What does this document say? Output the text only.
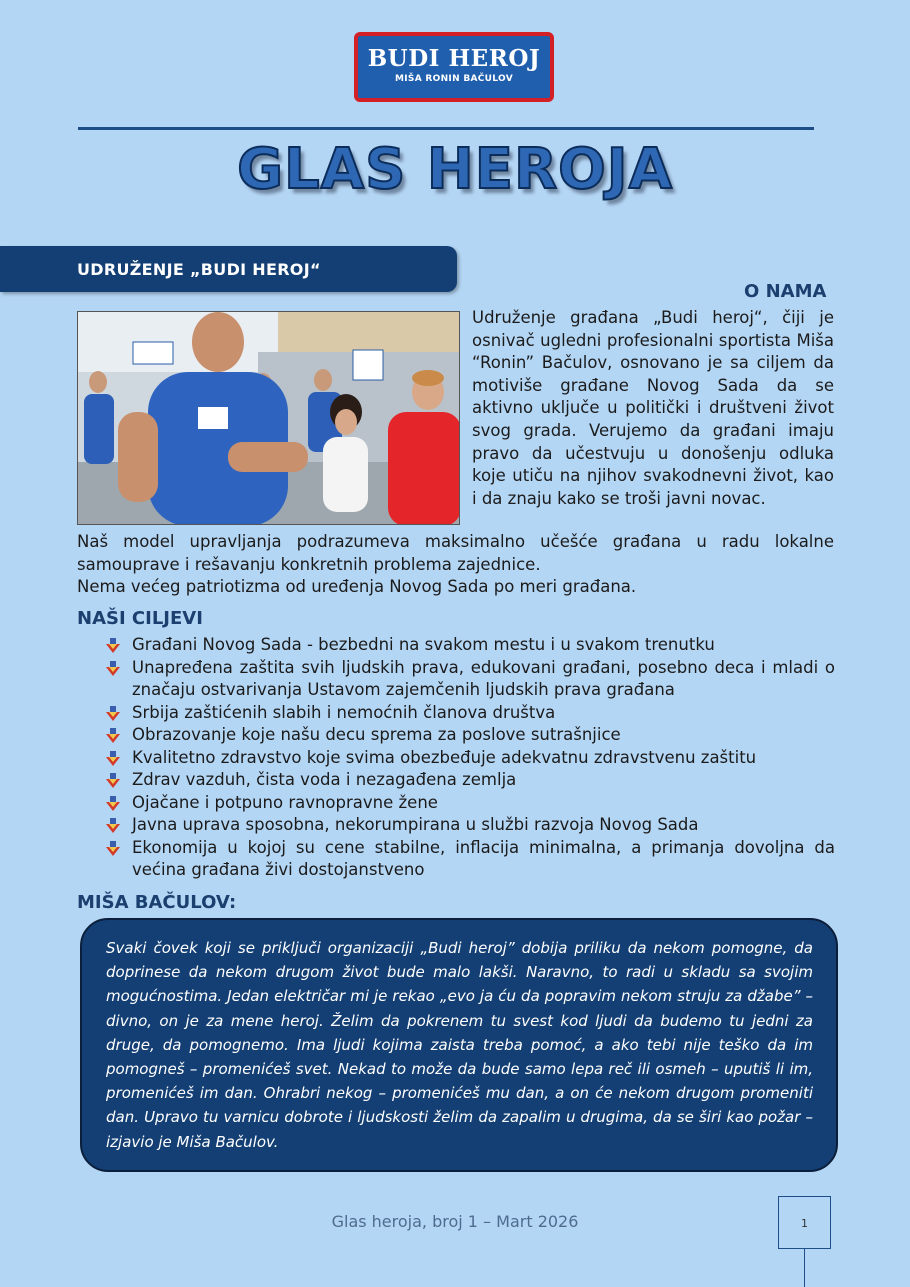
BUDI HEROJ
MIŠA RONIN BAČULOV
GLAS HEROJA
UDRUŽENJE „BUDI HEROJ“
O NAMA

Udruženje građana „Budi heroj“, čiji je osnivač ugledni profesionalni sportista Miša “Ronin” Bačulov, osnovano je sa ciljem da motiviše građane Novog Sada da se aktivno uključe u politički i društveni život svog grada. Verujemo da građani imaju pravo da učestvuju u donošenju odluka koje utiču na njihov svakodnevni život, kao i da znaju kako se troši javni novac.

Naš model upravljanja podrazumeva maksimalno učešće građana u radu lokalne samouprave i rešavanju konkretnih problema zajednice.
Nema većeg patriotizma od uređenja Novog Sada po meri građana.

NAŠI CILJEVI
Građani Novog Sada - bezbedni na svakom mestu i u svakom trenutku
Unapređena zaštita svih ljudskih prava, edukovani građani, posebno deca i mladi o značaju ostvarivanja Ustavom zajemčenih ljudskih prava građana
Srbija zaštićenih slabih i nemoćnih članova društva
Obrazovanje koje našu decu sprema za poslove sutrašnjice
Kvalitetno zdravstvo koje svima obezbeđuje adekvatnu zdravstvenu zaštitu
Zdrav vazduh, čista voda i nezagađena zemlja
Ojačane i potpuno ravnopravne žene
Javna uprava sposobna, nekorumpirana u službi razvoja Novog Sada
Ekonomija u kojoj su cene stabilne, inflacija minimalna, a primanja dovoljna da većina građana živi dostojanstveno
MIŠA BAČULOV:

Svaki čovek koji se priključi organizaciji „Budi heroj” dobija priliku da nekom pomogne, da doprinese da nekom drugom život bude malo lakši. Naravno, to radi u skladu sa svojim mogućnostima. Jedan električar mi je rekao „evo ja ću da popravim nekom struju za džabe” – divno, on je za mene heroj. Želim da pokrenem tu svest kod ljudi da budemo tu jedni za druge, da pomognemo. Ima ljudi kojima zaista treba pomoć, a ako tebi nije teško da im pomogneš – promenićeš svet. Nekad to može da bude samo lepa reč ili osmeh – uputiš li im, promenićeš im dan. Ohrabri nekog – promenićeš mu dan, a on će nekom drugom promeniti dan. Upravo tu varnicu dobrote i ljudskosti želim da zapalim u drugima, da se širi kao požar – izjavio je Miša Bačulov.

Glas heroja, broj 1 – Mart 2026	1
